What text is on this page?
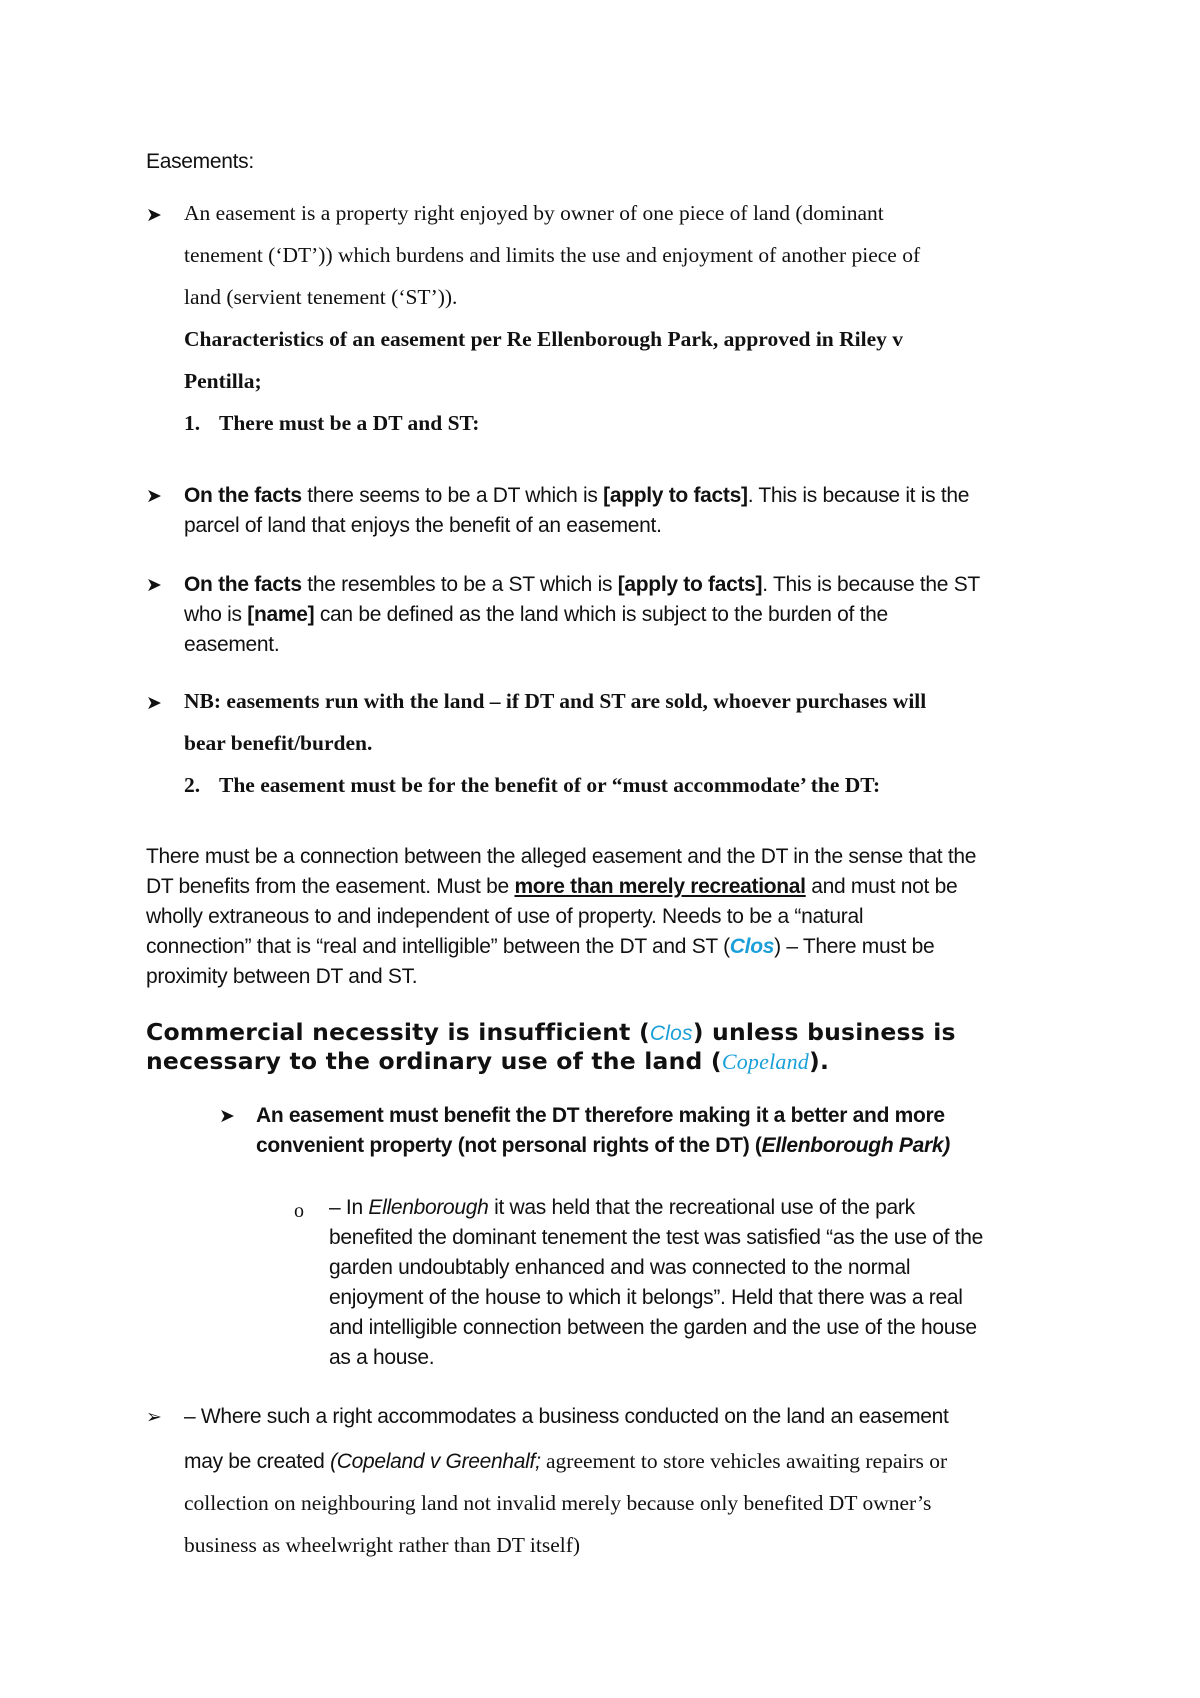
Easements:

➤ An easement is a property right enjoyed by owner of one piece of land (dominant

tenement (‘DT’)) which burdens and limits the use and enjoyment of another piece of

land (servient tenement (‘ST’)).

Characteristics of an easement per Re Ellenborough Park, approved in Riley v

Pentilla;

1. There must be a DT and ST:

➤ On the facts there seems to be a DT which is [apply to facts]. This is because it is the

parcel of land that enjoys the benefit of an easement.

➤ On the facts the resembles to be a ST which is [apply to facts]. This is because the ST

who is [name] can be defined as the land which is subject to the burden of the

easement.

➤ NB: easements run with the land – if DT and ST are sold, whoever purchases will

bear benefit/burden.

2. The easement must be for the benefit of or “must accommodate’ the DT:

There must be a connection between the alleged easement and the DT in the sense that the

DT benefits from the easement. Must be more than merely recreational and must not be

wholly extraneous to and independent of use of property. Needs to be a “natural

connection” that is “real and intelligible” between the DT and ST (Clos) – There must be

proximity between DT and ST.

Commercial necessity is insufficient (Clos) unless business is

necessary to the ordinary use of the land (Copeland).

➤ An easement must benefit the DT therefore making it a better and more

convenient property (not personal rights of the DT) (Ellenborough Park)

o – In Ellenborough it was held that the recreational use of the park

benefited the dominant tenement the test was satisfied “as the use of the

garden undoubtably enhanced and was connected to the normal

enjoyment of the house to which it belongs”. Held that there was a real

and intelligible connection between the garden and the use of the house

as a house.

➢ – Where such a right accommodates a business conducted on the land an easement

may be created (Copeland v Greenhalf; agreement to store vehicles awaiting repairs or

collection on neighbouring land not invalid merely because only benefited DT owner’s

business as wheelwright rather than DT itself)
